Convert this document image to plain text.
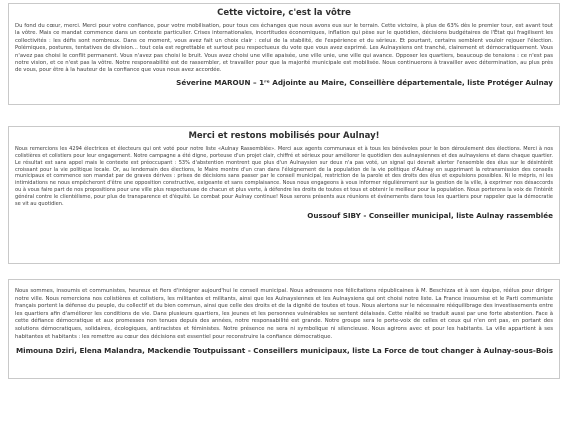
Cette victoire, c'est la vôtre

Du fond du cœur, merci. Merci pour votre confiance, pour votre mobilisation, pour tous ces échanges que nous avons eus sur le terrain. Cette victoire, à plus de 63% dès le premier tour, est avant tout la vôtre. Mais ce mandat commence dans un contexte particulier. Crises internationales, incertitudes économiques, inflation qui pèse sur le quotidien, décisions budgétaires de l'État qui fragilisent les collectivités : les défis sont nombreux. Dans ce moment, vous avez fait un choix clair : celui de la stabilité, de l'expérience et du sérieux. Et pourtant, certains semblent vouloir rejouer l'élection. Polémiques, postures, tentatives de division... tout cela est regrettable et surtout peu respectueux du vote que vous avez exprimé. Les Aulnaysiens ont tranché, clairement et démocratiquement. Vous n'avez pas choisi le conflit permanent. Vous n'avez pas choisi le bruit. Vous avez choisi une ville apaisée, une ville unie, une ville qui avance. Opposer les quartiers, beaucoup de tensions : ce n'est pas notre vision, et ce n'est pas la vôtre. Notre responsabilité est de rassembler, et travailler pour que la majorité municipale est mobilisée. Nous continuerons à travailler avec détermination, au plus près de vous, pour être à la hauteur de la confiance que vous nous avez accordée.

Séverine MAROUN – 1ʳᵉ Adjointe au Maire, Conseillère départementale, liste Protéger Aulnay
Merci et restons mobilisés pour Aulnay!

Nous remercions les 4294 électrices et électeurs qui ont voté pour notre liste «Aulnay Rassemblée». Merci aux agents communaux et à tous les bénévoles pour le bon déroulement des élections. Merci à nos colistières et colistiers pour leur engagement. Notre campagne a été digne, porteuse d'un projet clair, chiffré et sérieux pour améliorer le quotidien des aulnaysiennes et des aulnaysiens et dans chaque quartier. Le résultat est sans appel mais le contexte est préoccupant : 53% d'abstention montrent que plus d'un Aulnaysien sur deux n'a pas voté, un signal qui devrait alerter l'ensemble des élus sur le désintérêt croissant pour la vie politique locale. Or, au lendemain des élections, le Maire montre d'un cran dans l'éloignement de la population de la vie politique d'Aulnay en supprimant la retransmission des conseils municipaux et commence son mandat par de graves dérives : prises de décisions sans passer par le conseil municipal, restriction de la parole et des droits des élus et expulsions possibles. Ni le mépris, ni les intimidations ne nous empêcheront d'être une opposition constructive, exigeante et sans complaisance. Nous nous engageons à vous informer régulièrement sur la gestion de la ville, à exprimer nos désaccords ou à vous faire part de nos propositions pour une ville plus respectueuse de chacun et plus verte, à défendre les droits de toutes et tous et obtenir le meilleur pour la population. Nous porterons la voix de l'intérêt général contre le clientélisme, pour plus de transparence et d'équité. Le combat pour Aulnay continue! Nous serons présents aux réunions et événements dans tous les quartiers pour rappeler que la démocratie se vit au quotidien.

Oussouf SIBY - Conseiller municipal, liste Aulnay rassemblée

Nous sommes, insoumis et communistes, heureux et fiers d'intégrer aujourd'hui le conseil municipal. Nous adressons nos félicitations républicaines à M. Beschizza et à son équipe, réélus pour diriger notre ville. Nous remercions nos colistières et colistiers, les militantes et militants, ainsi que les Aulnaysiennes et les Aulnaysiens qui ont choisi notre liste. La France insoumise et le Parti communiste français portent la défense du peuple, du collectif et du bien commun, ainsi que celle des droits et de la dignité de toutes et tous. Nous alertons sur le nécessaire rééquilibrage des investissements entre les quartiers afin d'améliorer les conditions de vie. Dans plusieurs quartiers, les jeunes et les personnes vulnérables se sentent délaissés. Cette réalité se traduit aussi par une forte abstention. Face à cette défiance démocratique et aux promesses non tenues depuis des années, notre responsabilité est grande. Notre groupe sera le porte-voix de celles et ceux qui n'en ont pas, en portant des solutions démocratiques, solidaires, écologiques, antiracistes et féministes. Notre présence ne sera ni symbolique ni silencieuse. Nous agirons avec et pour les habitants. La ville appartient à ses habitantes et habitants : les remettre au cœur des décisions est essentiel pour reconstruire la confiance démocratique.

Mimouna Dziri, Elena Malandra, Mackendie Toutpuissant - Conseillers municipaux, liste La Force de tout changer à Aulnay-sous-Bois
